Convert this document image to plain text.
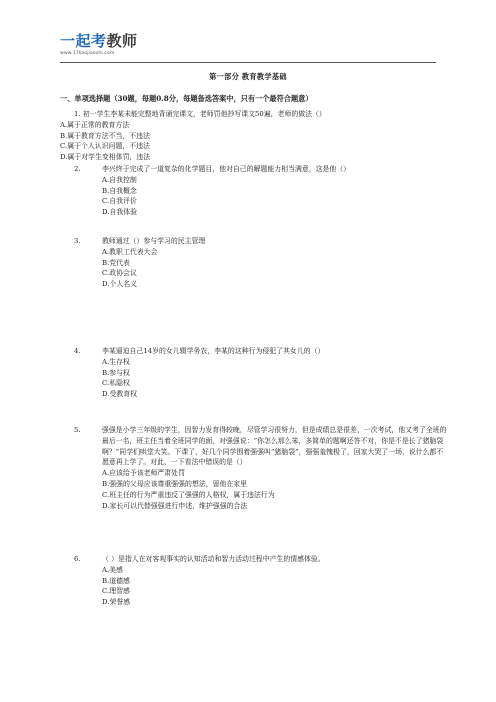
一起考教师
www.17kaojiaoshi.com
第一部分 教育教学基础
一、单项选择题（30题，每题0.8分，每题备选答案中，只有一个最符合题意）
1. 初一学生李某未能完整地背诵完课文，老师罚他抄写课文50遍，老师的做法（）
A.属于正常的教育方法
B.属于教育方法不当，不违法
C.属于个人认识问题，不违法
D.属于对学生变相体罚，违法
2.	李兴终于完成了一道复杂的化学题目，他对自己的解题能力相当满意，这是他（）
A.自我控制
B.自我概念
C.自我评价
D.自我体验
3.	教师通过（）参与学习的民主管理
A.教职工代表大会
B.党代表
C.政协会议
D.个人名义
4.	李某逼迫自己14岁的女儿辍学务农，李某的这种行为侵犯了其女儿的（）
A.生存权
B.参与权
C.私隐权
D.受教育权
5.	强强是小学三年级的学生，因智力发育得较晚，尽管学习很努力，但是成绩总是很差，一次考试，他又考了全班的最后一名，班主任当着全班同学的面，对强强说：“你怎么那么笨，多简单的题啊还答不对，你是不是长了猪脑袋啊？”同学们哄堂大笑。下课了，好几个同学围着强强叫“猪脑袋”，强强羞愧极了，回家大哭了一场，说什么都不愿意再上学了。对此，一下看法中错误的是（）
A.应该给予该老师严肃处罚
B.强强的父母应该尊重强强的想法，留他在家里
C.班主任的行为严重违反了强强的人格权，属于违法行为
D.家长可以代替强强进行申述，维护强强的合法
6.	（ ）是指人在对客观事实的认知活动和智力活动过程中产生的情感体验。
A.美感
B.道德感
C.理智感
D.荣誉感
